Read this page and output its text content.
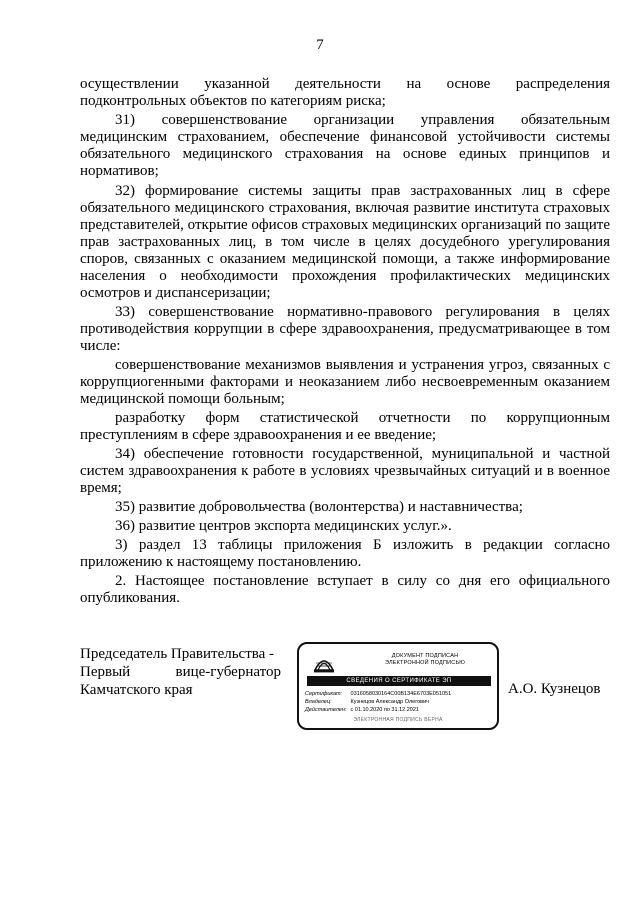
7
осуществлении указанной деятельности на основе распределения
подконтрольных объектов по категориям риска;
31) совершенствование организации управления обязательным
медицинским страхованием, обеспечение финансовой устойчивости системы
обязательного медицинского страхования на основе единых принципов и
нормативов;
32) формирование системы защиты прав застрахованных лиц в сфере
обязательного медицинского страхования, включая развитие института страховых
представителей, открытие офисов страховых медицинских организаций по защите
прав застрахованных лиц, в том числе в целях досудебного урегулирования
споров, связанных с оказанием медицинской помощи, а также информирование
населения о необходимости прохождения профилактических медицинских
осмотров и диспансеризации;
33) совершенствование нормативно-правового регулирования в целях
противодействия коррупции в сфере здравоохранения, предусматривающее в том
числе:
совершенствование механизмов выявления и устранения угроз, связанных с
коррупциогенными факторами и неоказанием либо несвоевременным оказанием
медицинской помощи больным;
разработку форм статистической отчетности по коррупционным
преступлениям в сфере здравоохранения и ее введение;
34) обеспечение готовности государственной, муниципальной и частной
систем здравоохранения к работе в условиях чрезвычайных ситуаций и в военное
время;
35) развитие добровольчества (волонтерства) и наставничества;
36) развитие центров экспорта медицинских услуг.».
3) раздел 13 таблицы приложения Б изложить в редакции согласно
приложению к настоящему постановлению.
2. Настоящее постановление вступает в силу со дня его официального
опубликования.
Председатель Правительства -
Первый вице-губернатор
Камчатского края
ДОКУМЕНТ ПОДПИСАН
ЭЛЕКТРОННОЙ ПОДПИСЬЮ
СВЕДЕНИЯ О СЕРТИФИКАТЕ ЭП
Сертификат: 0316058030164C00B134E6703E051051
Владелец:	Кузнецов Александр Олегович
Действителен: с 01.10.2020 по 31.12.2021
ЭЛЕКТРОННАЯ ПОДПИСЬ ВЕРНА
А.О. Кузнецов
